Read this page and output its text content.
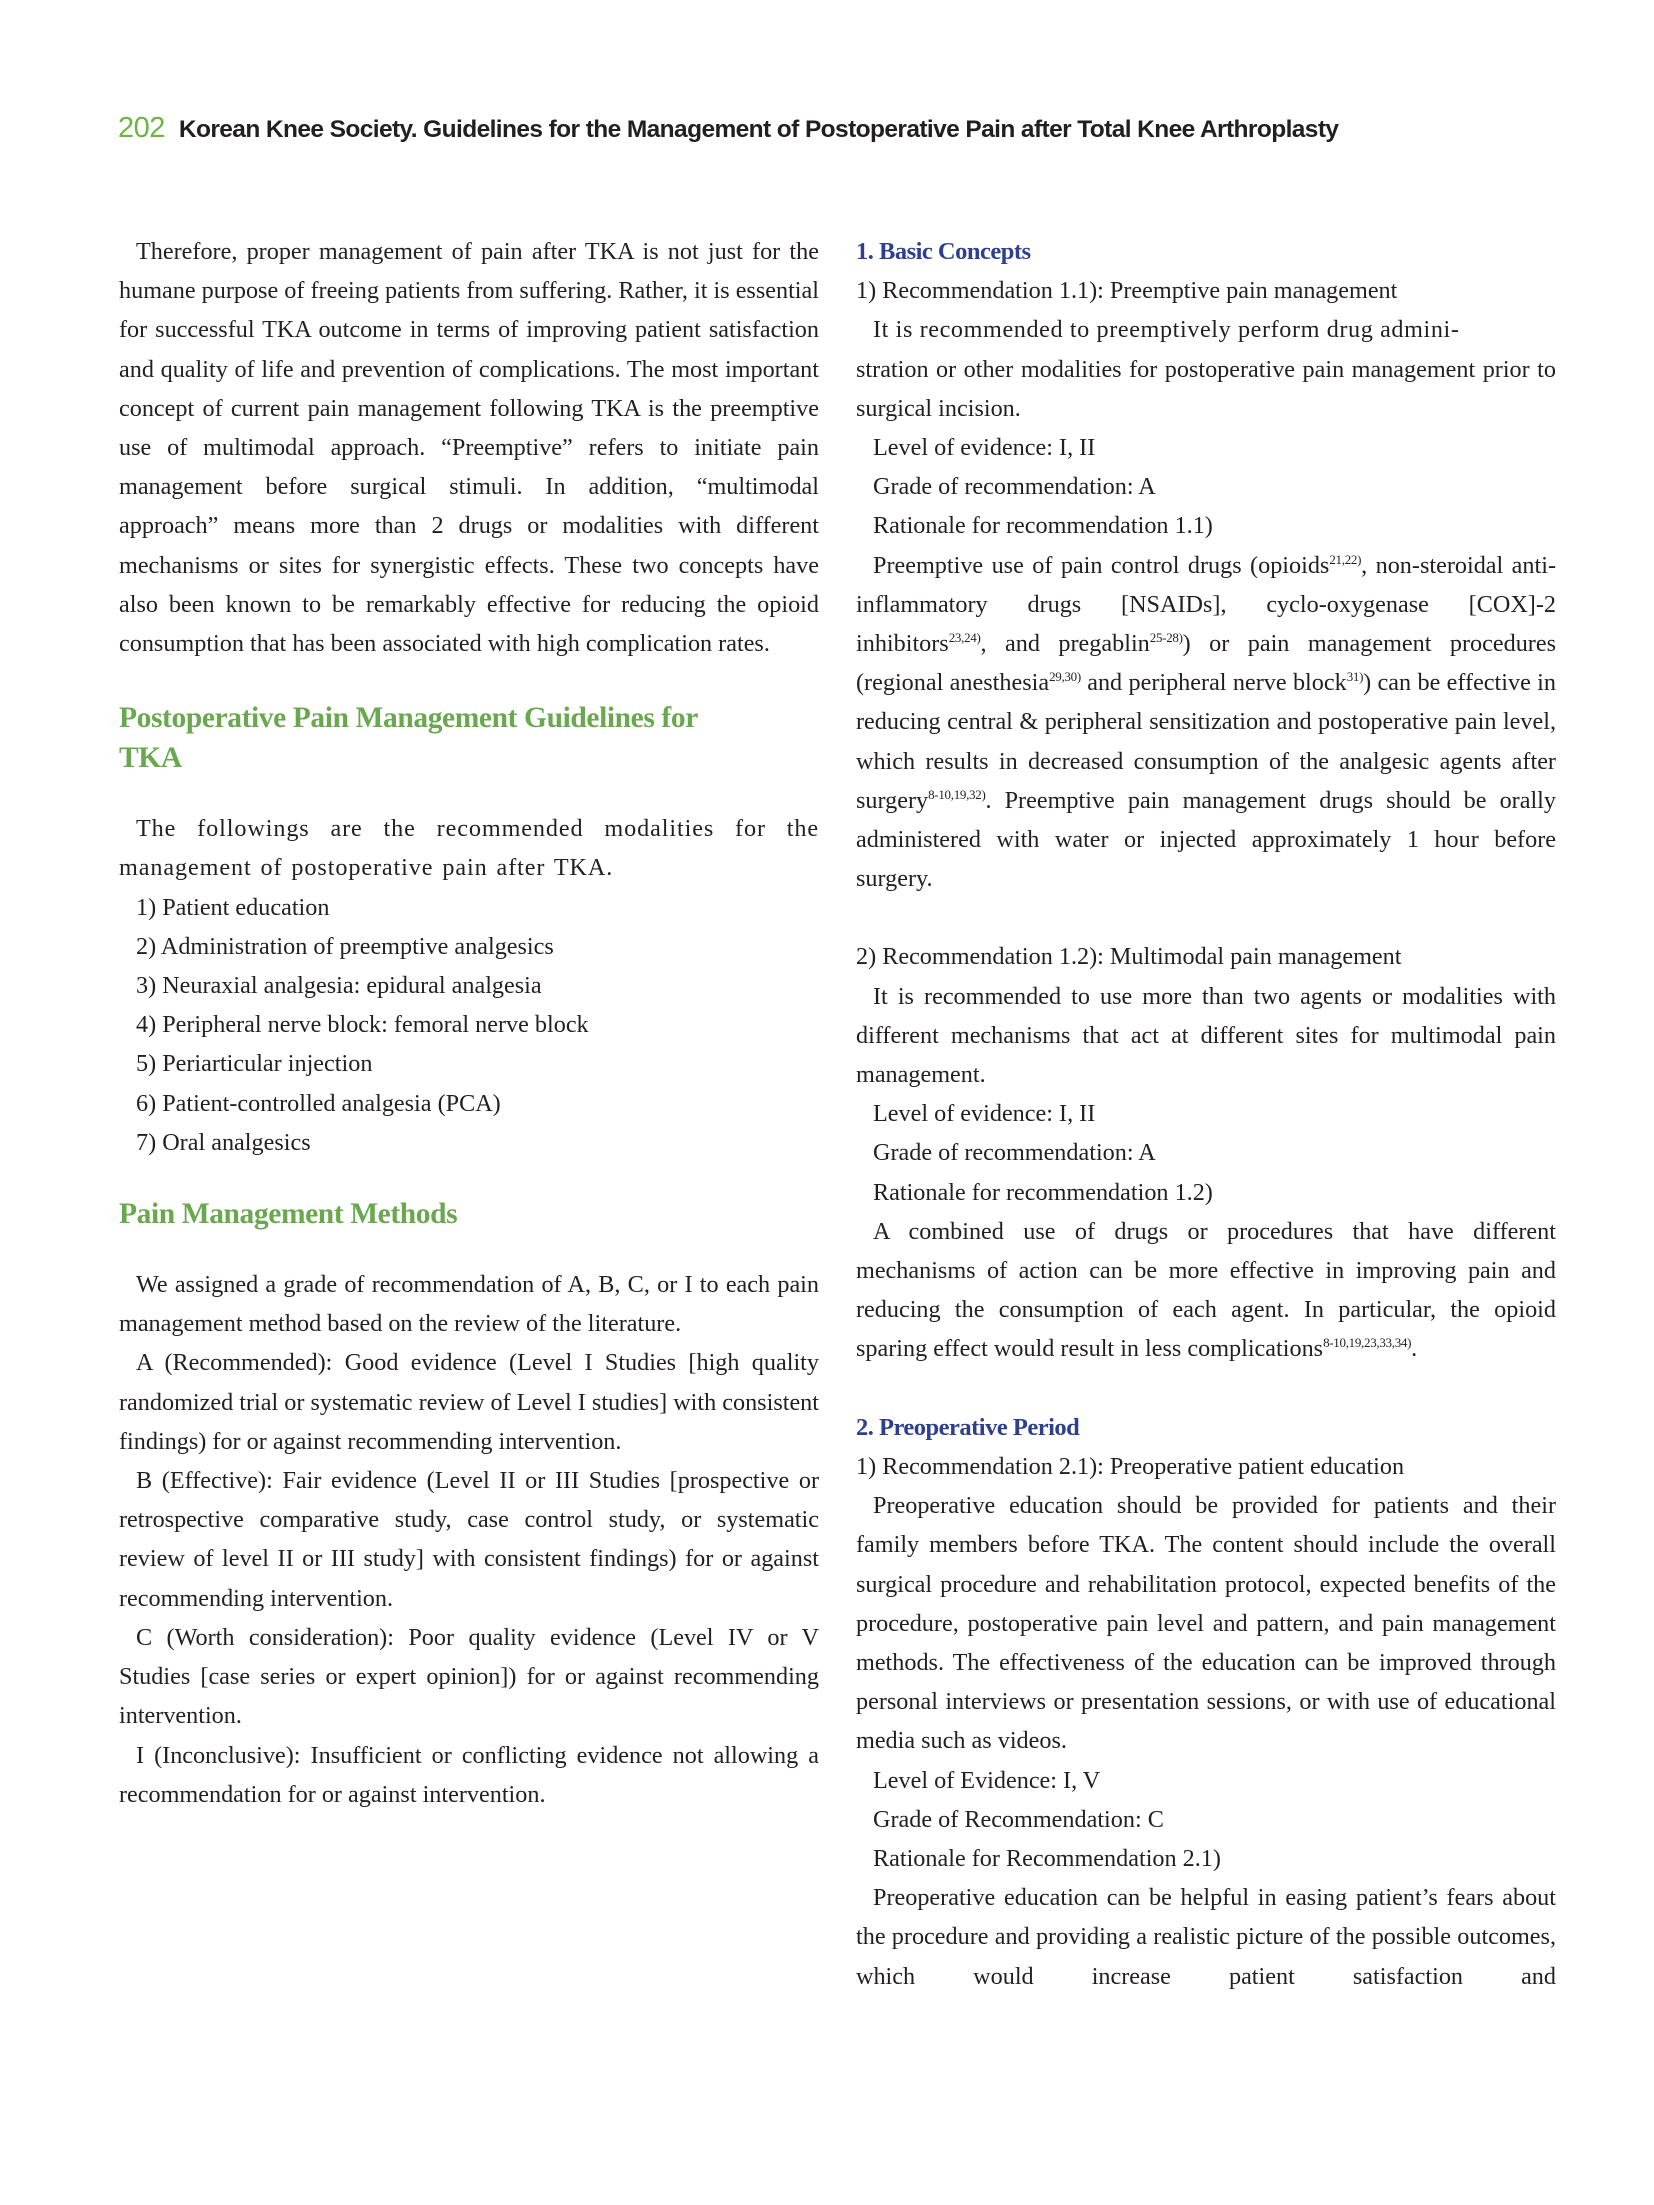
202 Korean Knee Society. Guidelines for the Management of Postoperative Pain after Total Knee Arthroplasty

Therefore, proper management of pain after TKA is not just for the humane purpose of freeing patients from suffering. Rather, it is essential for successful TKA outcome in terms of improving patient satisfaction and quality of life and prevention of complications. The most important concept of current pain management following TKA is the preemptive use of multimodal approach. “Preemptive” refers to initiate pain management before surgical stimuli. In addition, “multimodal approach” means more than 2 drugs or modalities with different mechanisms or sites for synergistic effects. These two concepts have also been known to be remarkably effective for reducing the opioid consumption that has been associated with high complication rates.

Postoperative Pain Management Guidelines for TKA

The followings are the recommended modalities for the management of postoperative pain after TKA.

1) Patient education

2) Administration of preemptive analgesics

3) Neuraxial analgesia: epidural analgesia

4) Peripheral nerve block: femoral nerve block

5) Periarticular injection

6) Patient-controlled analgesia (PCA)

7) Oral analgesics

Pain Management Methods

We assigned a grade of recommendation of A, B, C, or I to each pain management method based on the review of the literature.

A (Recommended): Good evidence (Level I Studies [high quality randomized trial or systematic review of Level I studies] with consistent findings) for or against recommending intervention.

B (Effective): Fair evidence (Level II or III Studies [prospective or retrospective comparative study, case control study, or systematic review of level II or III study] with consistent findings) for or against recommending intervention.

C (Worth consideration): Poor quality evidence (Level IV or V Studies [case series or expert opinion]) for or against recommending intervention.

I (Inconclusive): Insufficient or conflicting evidence not allowing a recommendation for or against intervention.

1. Basic Concepts

1) Recommendation 1.1): Preemptive pain management

It is recommended to preemptively perform drug admini-
stration or other modalities for postoperative pain management prior to surgical incision.

Level of evidence: I, II

Grade of recommendation: A

Rationale for recommendation 1.1)

Preemptive use of pain control drugs (opioids$^{21,22)}$, non-steroidal anti-inflammatory drugs [NSAIDs], cyclo-oxygenase [COX]-2 inhibitors$^{23,24)}$, and pregablin$^{25-28)}$) or pain management procedures (regional anesthesia$^{29,30)}$ and peripheral nerve block$^{31)}$) can be effective in reducing central & peripheral sensitization and postoperative pain level, which results in decreased consumption of the analgesic agents after surgery$^{8-10,19,32)}$. Preemptive pain management drugs should be orally administered with water or injected approximately 1 hour before surgery.

2) Recommendation 1.2): Multimodal pain management

It is recommended to use more than two agents or modalities with different mechanisms that act at different sites for multimodal pain management.

Level of evidence: I, II

Grade of recommendation: A

Rationale for recommendation 1.2)

A combined use of drugs or procedures that have different mechanisms of action can be more effective in improving pain and reducing the consumption of each agent. In particular, the opioid sparing effect would result in less complications$^{8-10,19,23,33,34)}$.

2. Preoperative Period

1) Recommendation 2.1): Preoperative patient education

Preoperative education should be provided for patients and their family members before TKA. The content should include the overall surgical procedure and rehabilitation protocol, expected benefits of the procedure, postoperative pain level and pattern, and pain management methods. The effectiveness of the education can be improved through personal interviews or presentation sessions, or with use of educational media such as videos.

Level of Evidence: I, V

Grade of Recommendation: C

Rationale for Recommendation 2.1)

Preoperative education can be helpful in easing patient’s fears about the procedure and providing a realistic picture of the possible outcomes, which would increase patient satisfaction and
